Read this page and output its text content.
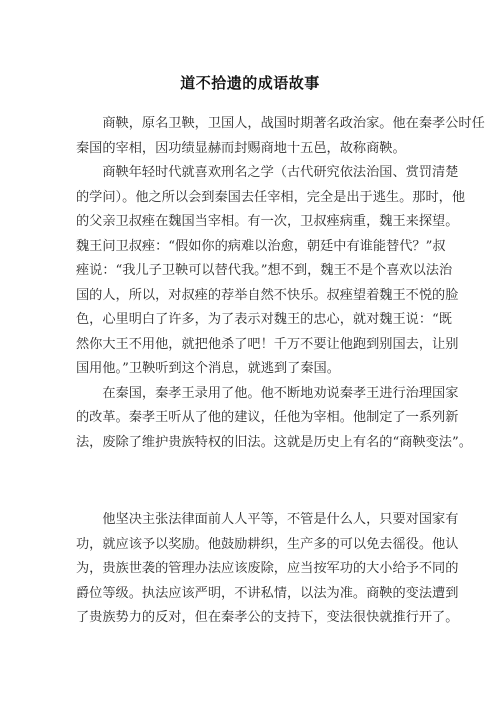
道不拾遗的成语故事
　　商鞅，原名卫鞅，卫国人，战国时期著名政治家。他在秦孝公时任
秦国的宰相，因功绩显赫而封赐商地十五邑，故称商鞅。
　　商鞅年轻时代就喜欢刑名之学（古代研究依法治国、赏罚清楚
的学问）。他之所以会到秦国去任宰相，完全是出于逃生。那时，他
的父亲卫叔痤在魏国当宰相。有一次，卫叔痤病重，魏王来探望。
魏王问卫叔痤：“假如你的病难以治愈，朝廷中有谁能替代？”叔
痤说：“我儿子卫鞅可以替代我。”想不到，魏王不是个喜欢以法治
国的人，所以，对叔痤的荐举自然不快乐。叔痤望着魏王不悦的脸
色，心里明白了许多，为了表示对魏王的忠心，就对魏王说：“既
然你大王不用他，就把他杀了吧！千万不要让他跑到别国去，让别
国用他。”卫鞅听到这个消息，就逃到了秦国。
　　在秦国，秦孝王录用了他。他不断地劝说秦孝王进行治理国家
的改革。秦孝王听从了他的建议，任他为宰相。他制定了一系列新
法，废除了维护贵族特权的旧法。这就是历史上有名的“商鞅变法”。
　　他坚决主张法律面前人人平等，不管是什么人，只要对国家有
功，就应该予以奖励。他鼓励耕织，生产多的可以免去徭役。他认
为，贵族世袭的管理办法应该废除，应当按军功的大小给予不同的
爵位等级。执法应该严明，不讲私情，以法为准。商鞅的变法遭到
了贵族势力的反对，但在秦孝公的支持下，变法很快就推行开了。
